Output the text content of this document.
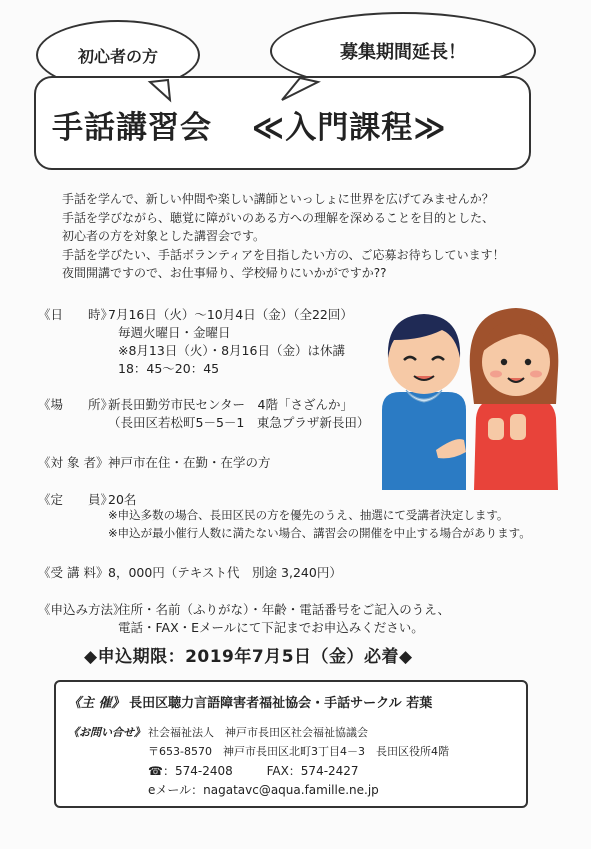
初心者の方	募集期間延長！
手話講習会 ≪入門課程≫
手話を学んで、新しい仲間や楽しい講師といっしょに世界を広げてみませんか？
手話を学びながら、聴覚に障がいのある方への理解を深めることを目的とした、
初心者の方を対象とした講習会です。
手話を学びたい、手話ボランティアを目指したい方の、ご応募お待ちしています！
夜間開講ですので、お仕事帰り、学校帰りにいかがですか??
《日　　時》
7月16日（火）～10月4日（金）（全22回）
毎週火曜日・金曜日
※8月13日（火）・8月16日（金）は休講
18：45～20：45
《場　　所》
新長田勤労市民センター　4階「さざんか」
（長田区若松町5－5－1　東急プラザ新長田）
《対 象 者》 神戸市在住・在勤・在学の方
《定　　員》
20名
※申込多数の場合、長田区民の方を優先のうえ、抽選にて受講者決定します。
※申込が最小催行人数に満たない場合、講習会の開催を中止する場合があります。
《受 講 料》 8，000円（テキスト代　別途 3,240円）
《申込み方法》
住所・名前（ふりがな）・年齢・電話番号をご記入のうえ、
電話・FAX・Eメールにて下記までお申込みください。
◆申込期限：2019年7月5日（金）必着◆
《主 催》 長田区聴力言語障害者福祉協会・手話サークル 若葉
《お問い合せ》 社会福祉法人　神戸市長田区社会福祉協議会
〒653-8570　神戸市長田区北町3丁目4－3　長田区役所4階
☎：574-2408	FAX：574-2427
eメール：nagatavc@aqua.famille.ne.jp
